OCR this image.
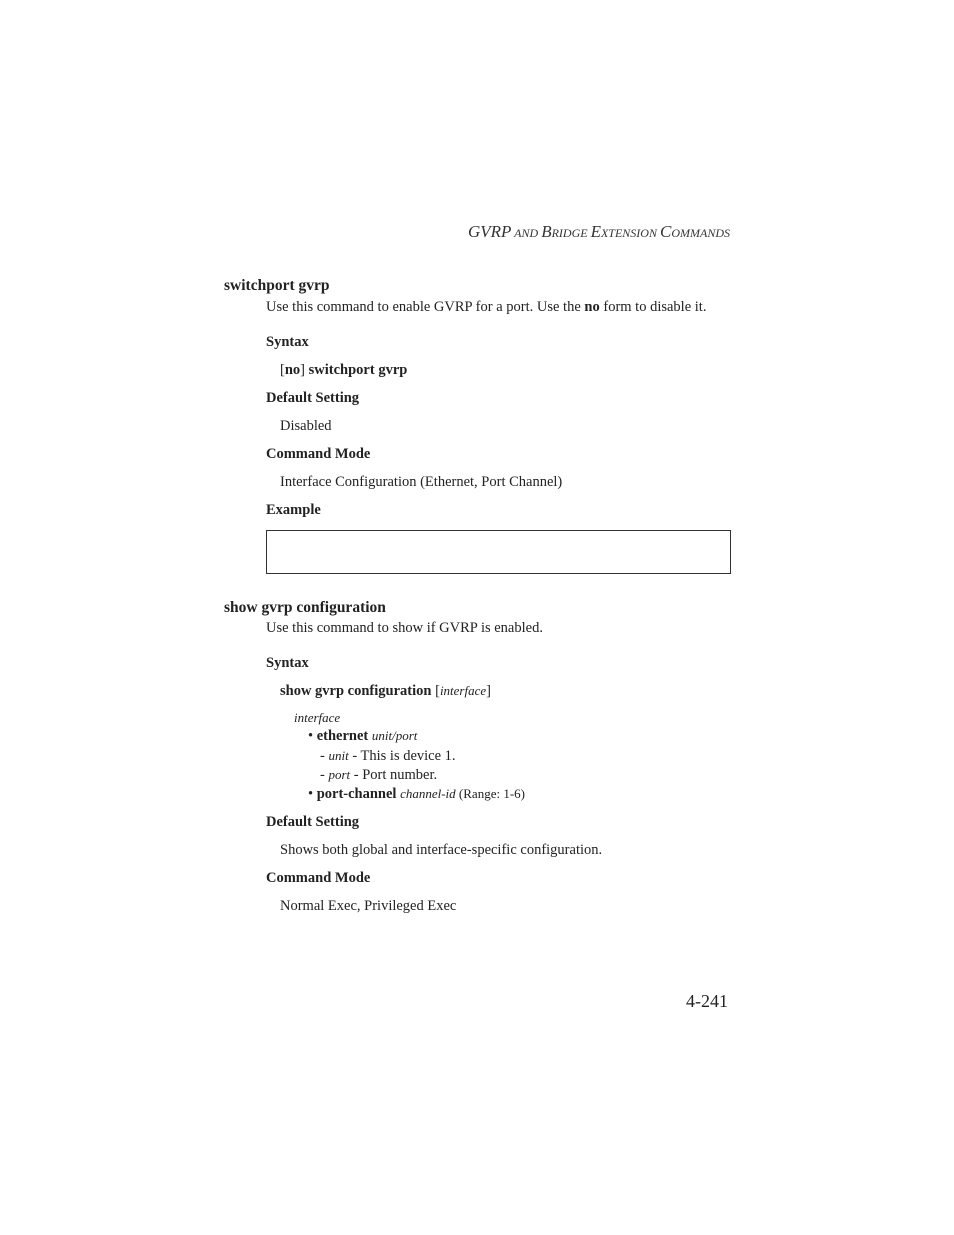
GVRP AND BRIDGE EXTENSION COMMANDS
switchport gvrp
Use this command to enable GVRP for a port. Use the no form to disable it.
Syntax
[no] switchport gvrp
Default Setting
Disabled
Command Mode
Interface Configuration (Ethernet, Port Channel)
Example
show gvrp configuration
Use this command to show if GVRP is enabled.
Syntax
show gvrp configuration [interface]
interface
• ethernet unit/port
- unit - This is device 1.
- port - Port number.
• port-channel channel-id (Range: 1-6)
Default Setting
Shows both global and interface-specific configuration.
Command Mode
Normal Exec, Privileged Exec
4-241
